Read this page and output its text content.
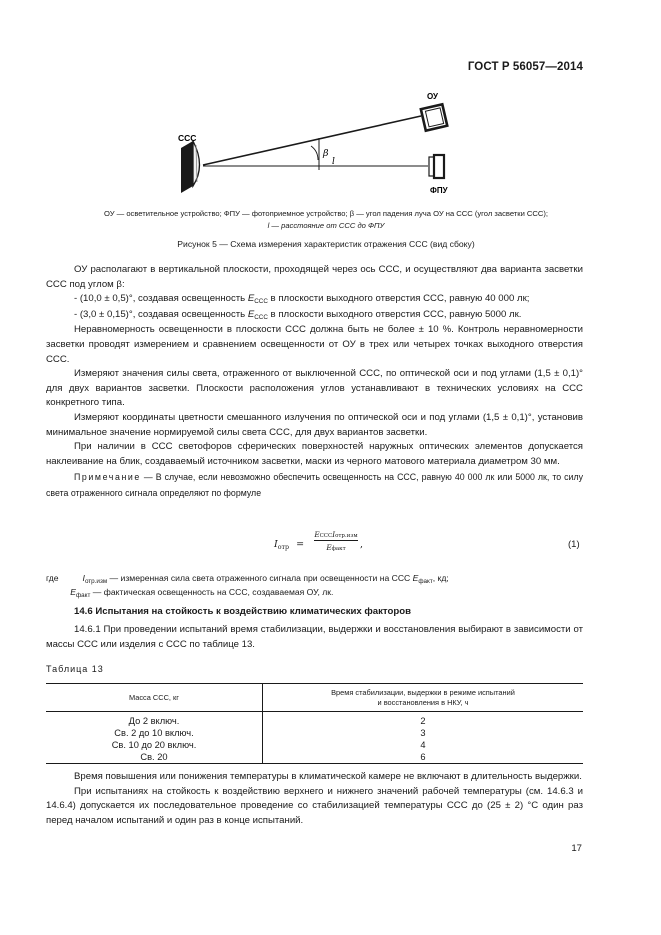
ГОСТ Р 56057—2014
ССС
β
l
ОУ
ФПУ
ОУ — осветительное устройство; ФПУ — фотоприемное устройство; β — угол падения луча ОУ на ССС (угол засветки ССС);
l — расстояние от ССС до ФПУ
Рисунок 5 — Схема измерения характеристик отражения ССС (вид сбоку)

ОУ располагают в вертикальной плоскости, проходящей через ось ССС, и осуществляют два варианта засветки ССС под углом β:

- (10,0 ± 0,5)°, создавая освещенность $E_{ССС}$ в плоскости выходного отверстия ССС, равную 40 000 лк;

- (3,0 ± 0,15)°, создавая освещенность $E_{ССС}$ в плоскости выходного отверстия ССС, равную 5000 лк.

Неравномерность освещенности в плоскости ССС должна быть не более ± 10 %. Контроль неравномерности засветки проводят измерением и сравнением освещенности от ОУ в трех или четырех точках выходного отверстия ССС.

Измеряют значения силы света, отраженного от выключенной ССС, по оптической оси и под углами (1,5 ± 0,1)° для двух вариантов засветки. Плоскости расположения углов устанавливают в технических условиях на ССС конкретного типа.

Измеряют координаты цветности смешанного излучения по оптической оси и под углами (1,5 ± 0,1)°, установив минимальное значение нормируемой силы света ССС, для двух вариантов засветки.

При наличии в ССС светофоров сферических поверхностей наружных оптических элементов допускается наклеивание на блик, создаваемый источником засветки, маски из черного матового материала диаметром 30 мм.

Примечание — В случае, если невозможно обеспечить освещенность на ССС, равную 40 000 лк или 5000 лк, то силу света отраженного сигнала определяют по формуле

$I_{отр}$ =
EСССIотр.изм
Eфакт	,	(1)
где	$I_{отр.изм}$ — измеренная сила света отраженного сигнала при освещенности на ССС $E_{факт}$, кд;
$E_{факт}$ — фактическая освещенность на ССС, создаваемая ОУ, лк.
14.6 Испытания на стойкость к воздействию климатических факторов

14.6.1 При проведении испытаний время стабилизации, выдержки и восстановления выбирают в зависимости от массы ССС или изделия с ССС по таблице 13.

Таблица 13
Масса ССС, кг	Время стабилизации, выдержки в режиме испытаний
и восстановления в НКУ, ч

До 2 включ.	2
Св. 2 до 10 включ.	3
Св. 10 до 20 включ.	4
Св. 20	6

Время повышения или понижения температуры в климатической камере не включают в длительность выдержки.

При испытаниях на стойкость к воздействию верхнего и нижнего значений рабочей температуры (см. 14.6.3 и 14.6.4) допускается их последовательное проведение со стабилизацией температуры ССС до (25 ± 2) °С один раз перед началом испытаний и один раз в конце испытаний.

17
